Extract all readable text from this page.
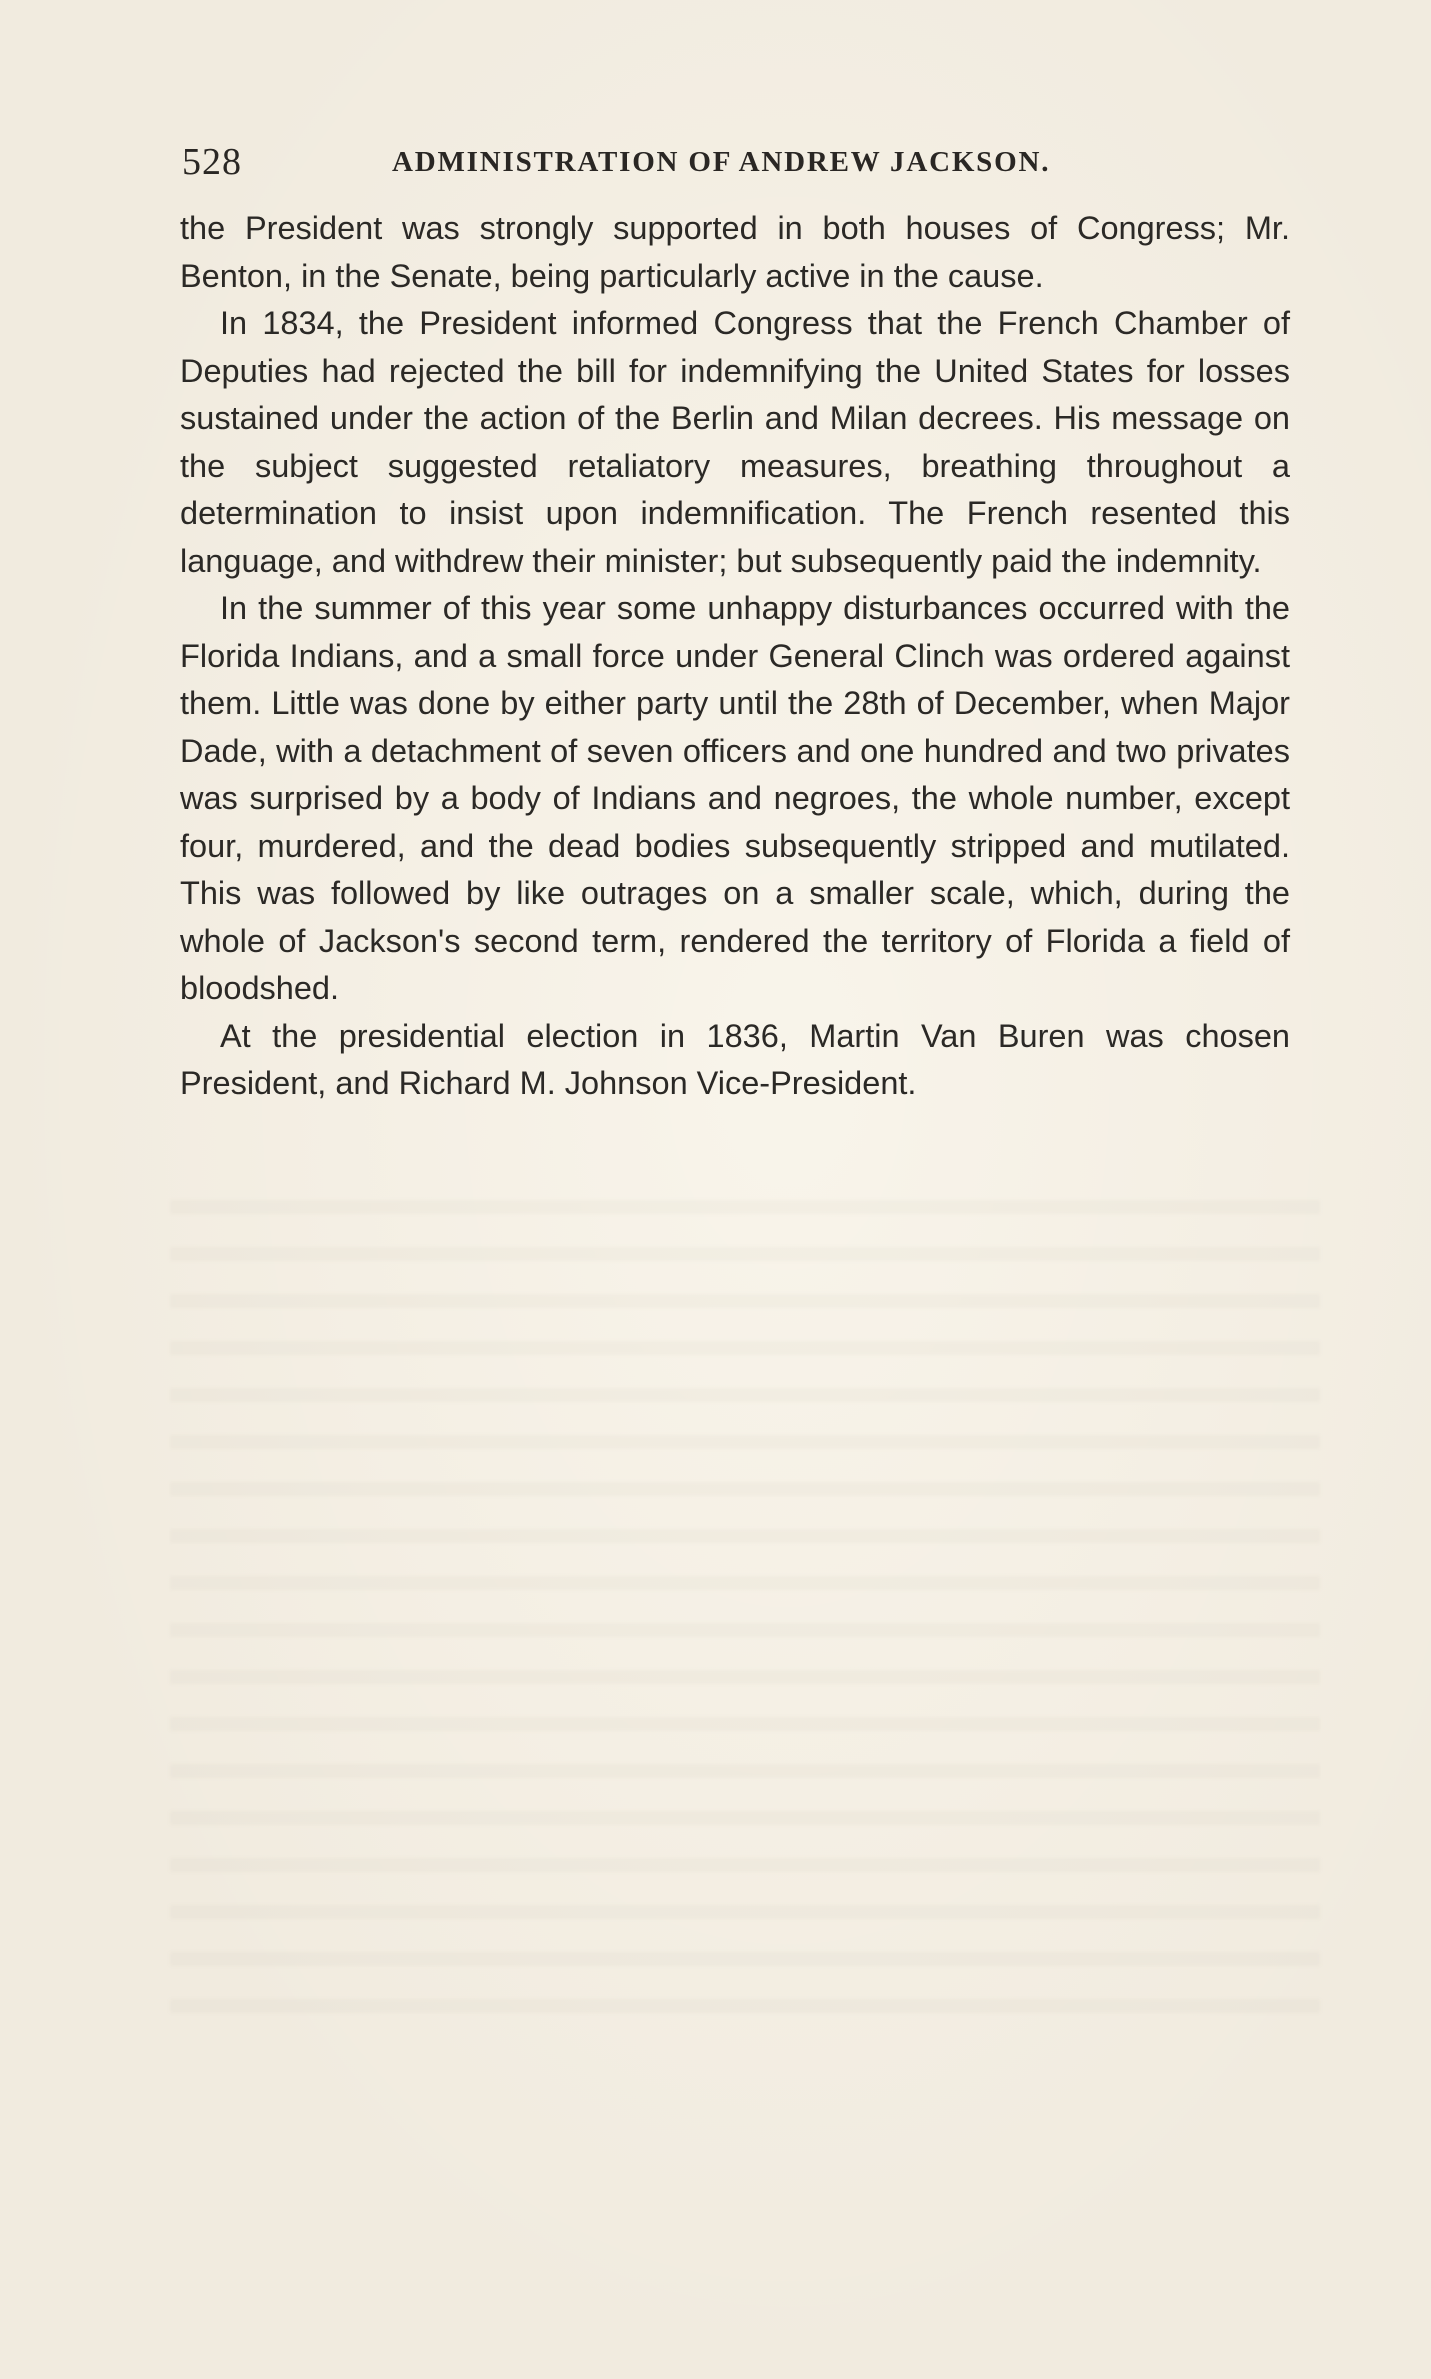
528	ADMINISTRATION OF ANDREW JACKSON.

the President was strongly supported in both houses of Congress; Mr. Benton, in the Senate, being particularly active in the cause.

In 1834, the President informed Congress that the French Chamber of Deputies had rejected the bill for indemnifying the United States for losses sustained under the action of the Berlin and Milan decrees. His message on the subject suggested retaliatory measures, breathing throughout a determination to insist upon indemnification. The French resented this language, and withdrew their minister; but subsequently paid the indemnity.

In the summer of this year some unhappy disturbances occurred with the Florida Indians, and a small force under General Clinch was ordered against them. Little was done by either party until the 28th of December, when Major Dade, with a detachment of seven officers and one hundred and two privates was surprised by a body of Indians and negroes, the whole number, except four, murdered, and the dead bodies subsequently stripped and mutilated. This was followed by like outrages on a smaller scale, which, during the whole of Jackson's second term, rendered the territory of Florida a field of bloodshed.

At the presidential election in 1836, Martin Van Buren was chosen President, and Richard M. Johnson Vice-President.
